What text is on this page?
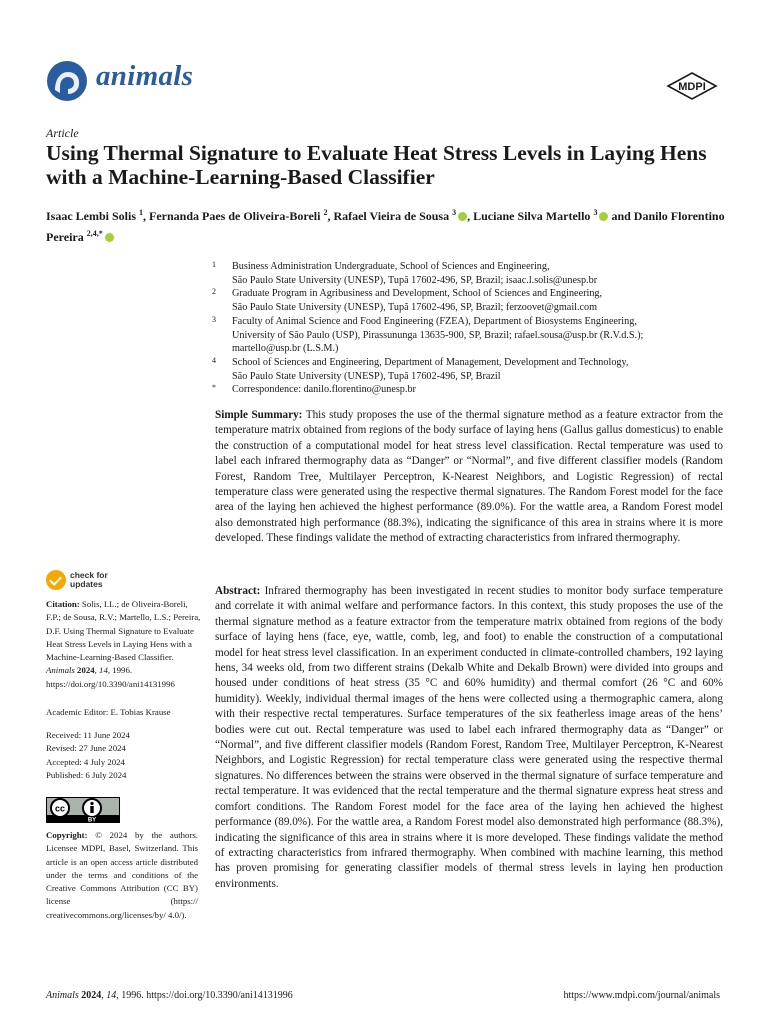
animals	MDPI
Article
Using Thermal Signature to Evaluate Heat Stress Levels in Laying Hens with a Machine-Learning-Based Classifier
Isaac Lembi Solis $^1$, Fernanda Paes de Oliveira-Boreli $^2$, Rafael Vieira de Sousa $^3$ , Luciane Silva Martello $^3$ and Danilo Florentino Pereira $^{2,4,*}$
1 Business Administration Undergraduate, School of Sciences and Engineering,
São Paulo State University (UNESP), Tupã 17602-496, SP, Brazil; isaac.l.solis@unesp.br
2 Graduate Program in Agribusiness and Development, School of Sciences and Engineering,
São Paulo State University (UNESP), Tupã 17602-496, SP, Brazil; ferzoovet@gmail.com
3 Faculty of Animal Science and Food Engineering (FZEA), Department of Biosystems Engineering,
University of São Paulo (USP), Pirassununga 13635-900, SP, Brazil; rafael.sousa@usp.br (R.V.d.S.);
martello@usp.br (L.S.M.)
4 School of Sciences and Engineering, Department of Management, Development and Technology,
São Paulo State University (UNESP), Tupã 17602-496, SP, Brazil
* Correspondence: danilo.florentino@unesp.br
Simple Summary: This study proposes the use of the thermal signature method as a feature extractor from the temperature matrix obtained from regions of the body surface of laying hens (Gallus gallus domesticus) to enable the construction of a computational model for heat stress level classification. Rectal temperature was used to label each infrared thermography data as “Danger” or “Normal”, and five different classifier models (Random Forest, Random Tree, Multilayer Perceptron, K-Nearest Neighbors, and Logistic Regression) of rectal temperature class were generated using the respective thermal signatures. The Random Forest model for the face area of the laying hen achieved the highest performance (89.0%). For the wattle area, a Random Forest model also demonstrated high performance (88.3%), indicating the significance of this area in strains where it is more developed. These findings validate the method of extracting characteristics from infrared thermography.
Abstract: Infrared thermography has been investigated in recent studies to monitor body surface temperature and correlate it with animal welfare and performance factors. In this context, this study proposes the use of the thermal signature method as a feature extractor from the temperature matrix obtained from regions of the body surface of laying hens (face, eye, wattle, comb, leg, and foot) to enable the construction of a computational model for heat stress level classification. In an experiment conducted in climate-controlled chambers, 192 laying hens, 34 weeks old, from two different strains (Dekalb White and Dekalb Brown) were divided into groups and housed under conditions of heat stress (35 °C and 60% humidity) and thermal comfort (26 °C and 60% humidity). Weekly, individual thermal images of the hens were collected using a thermographic camera, along with their respective rectal temperatures. Surface temperatures of the six featherless image areas of the hens’ bodies were cut out. Rectal temperature was used to label each infrared thermography data as “Danger” or “Normal”, and five different classifier models (Random Forest, Random Tree, Multilayer Perceptron, K-Nearest Neighbors, and Logistic Regression) for rectal temperature class were generated using the respective thermal signatures. No differences between the strains were observed in the thermal signature of surface temperature and rectal temperature. It was evidenced that the rectal temperature and the thermal signature express heat stress and comfort conditions. The Random Forest model for the face area of the laying hen achieved the highest performance (89.0%). For the wattle area, a Random Forest model also demonstrated high performance (88.3%), indicating the significance of this area in strains where it is more developed. These findings validate the method of extracting characteristics from infrared thermography. When combined with machine learning, this method has proven promising for generating classifier models of thermal stress levels in laying hen production environments.
check for
updates
Citation: Solis, I.L.; de Oliveira-Boreli, F.P.; de Sousa, R.V.; Martello, L.S.; Pereira, D.F. Using Thermal Signature to Evaluate Heat Stress Levels in Laying Hens with a Machine-Learning-Based Classifier. Animals 2024, 14, 1996. https://doi.org/10.3390/ani14131996
Academic Editor: E. Tobias Krause
Received: 11 June 2024
Revised: 27 June 2024
Accepted: 4 July 2024
Published: 6 July 2024
cc
BY
Copyright: © 2024 by the authors. Licensee MDPI, Basel, Switzerland. This article is an open access article distributed under the terms and conditions of the Creative Commons Attribution (CC BY) license (https:// creativecommons.org/licenses/by/ 4.0/).
Animals 2024, 14, 1996. https://doi.org/10.3390/ani14131996	https://www.mdpi.com/journal/animals
